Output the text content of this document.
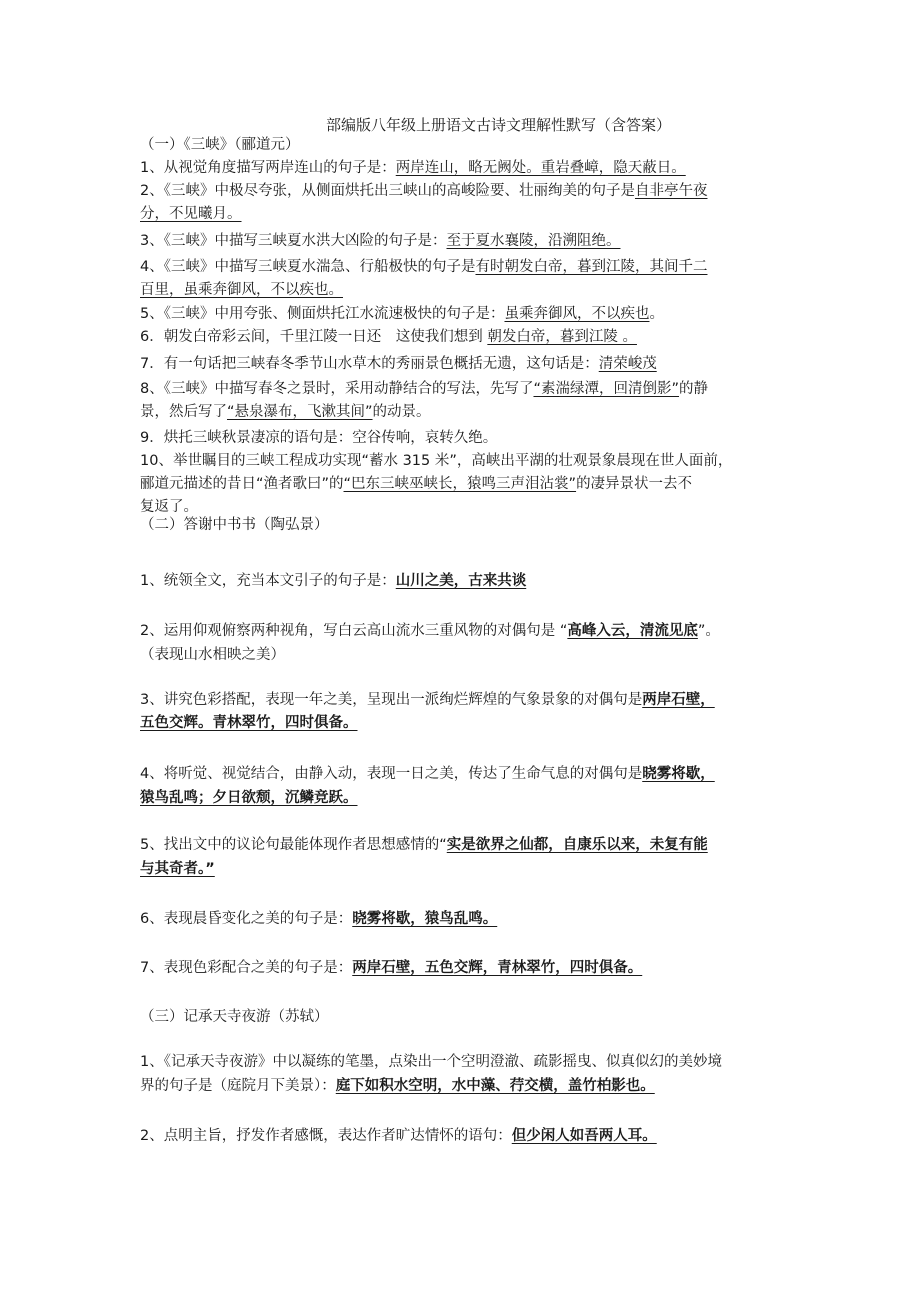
部编版八年级上册语文古诗文理解性默写（含答案）
（一）《三峡》（郦道元）
1、从视觉角度描写两岸连山的句子是：两岸连山，略无阙处。重岩叠嶂，隐天蔽日。
2、《三峡》中极尽夸张，从侧面烘托出三峡山的高峻险要、壮丽绚美的句子是自非亭午夜
分，不见曦月。
3、《三峡》中描写三峡夏水洪大凶险的句子是：至于夏水襄陵，沿溯阻绝。
4、《三峡》中描写三峡夏水湍急、行船极快的句子是有时朝发白帝，暮到江陵，其间千二
百里，虽乘奔御风，不以疾也。
5、《三峡》中用夸张、侧面烘托江水流速极快的句子是：虽乘奔御风，不以疾也。
6．朝发白帝彩云间，千里江陵一日还　这使我们想到 朝发白帝，暮到江陵 。
7．有一句话把三峡春冬季节山水草木的秀丽景色概括无遗，这句话是：清荣峻茂
8、《三峡》中描写春冬之景时，采用动静结合的写法，先写了“素湍绿潭，回清倒影”的静
景，然后写了“悬泉瀑布，飞漱其间”的动景。
9．烘托三峡秋景凄凉的语句是：空谷传响，哀转久绝。
10、举世瞩目的三峡工程成功实现“蓄水 315 米”，高峡出平湖的壮观景象晨现在世人面前，
郦道元描述的昔日“渔者歌曰”的“巴东三峡巫峡长，猿鸣三声泪沾裳”的凄异景状一去不
复返了。
（二）答谢中书书（陶弘景）
1、统领全文，充当本文引子的句子是：山川之美，古来共谈
2、运用仰观俯察两种视角，写白云高山流水三重风物的对偶句是 “高峰入云，清流见底”。
（表现山水相映之美）
3、讲究色彩搭配，表现一年之美，呈现出一派绚烂辉煌的气象景象的对偶句是两岸石壁，
五色交辉。青林翠竹，四时俱备。
4、将听觉、视觉结合，由静入动，表现一日之美，传达了生命气息的对偶句是晓雾将歇，
猿鸟乱鸣；夕日欲颓，沉鳞竞跃。
5、找出文中的议论句最能体现作者思想感情的“实是欲界之仙都，自康乐以来，未复有能
与其奇者。”
6、表现晨昏变化之美的句子是：晓雾将歇，猿鸟乱鸣。
7、表现色彩配合之美的句子是：两岸石壁，五色交辉，青林翠竹，四时俱备。
（三）记承天寺夜游（苏轼）
1、《记承天寺夜游》中以凝练的笔墨，点染出一个空明澄澈、疏影摇曳、似真似幻的美妙境
界的句子是（庭院月下美景）：庭下如积水空明，水中藻、荇交横，盖竹柏影也。
2、点明主旨，抒发作者感慨，表达作者旷达情怀的语句：但少闲人如吾两人耳。
